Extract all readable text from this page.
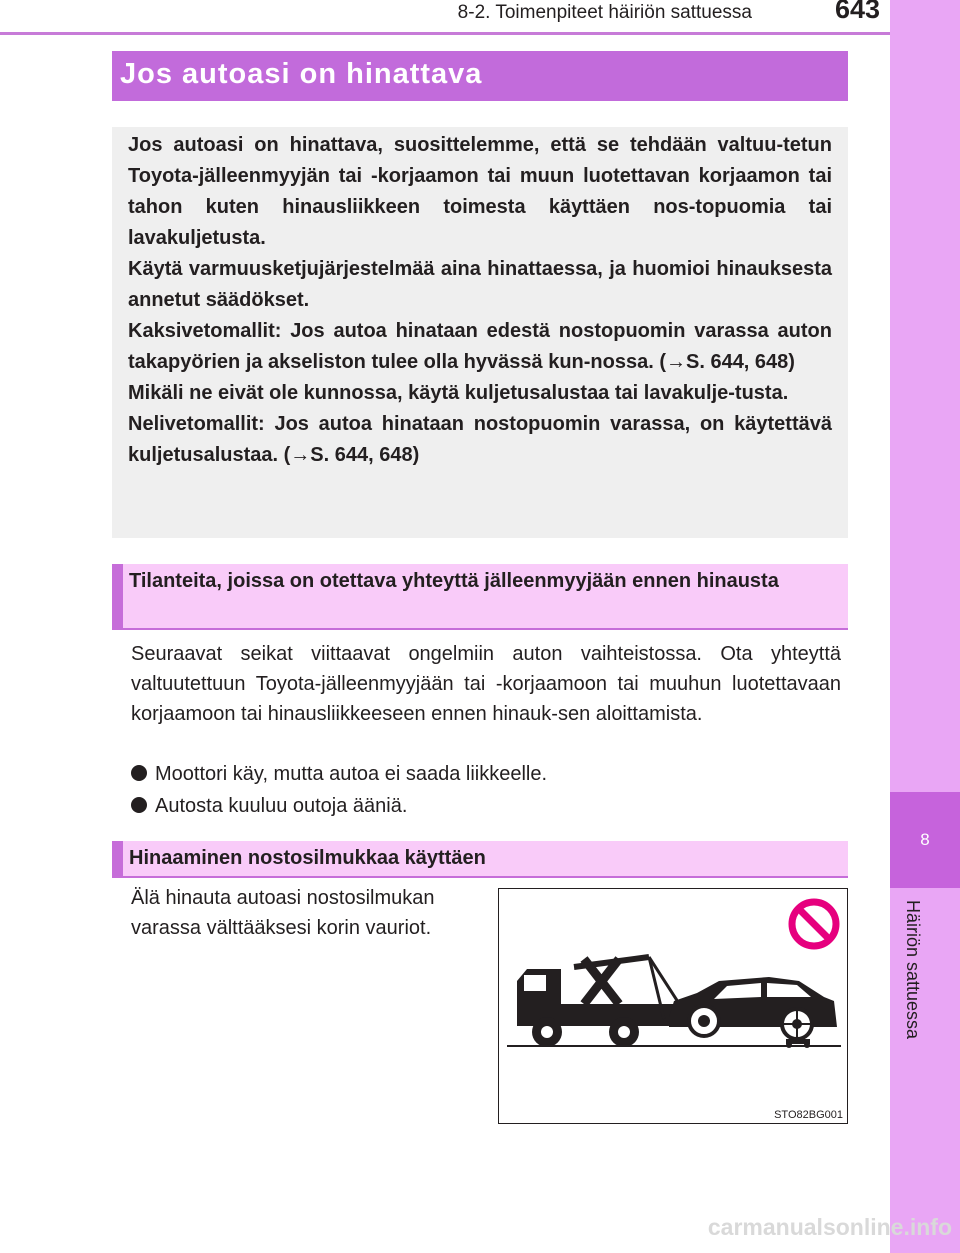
8-2. Toimenpiteet häiriön sattuessa	643
8
Häiriön sattuessa
Jos autoasi on hinattava

Jos autoasi on hinattava, suosittelemme, että se tehdään valtuu-tetun Toyota-jälleenmyyjän tai -korjaamon tai muun luotettavan korjaamon tai tahon kuten hinausliikkeen toimesta käyttäen nos-topuomia tai lavakuljetusta.

Käytä varmuusketjujärjestelmää aina hinattaessa, ja huomioi hinauksesta annetut säädökset.

Kaksivetomallit: Jos autoa hinataan edestä nostopuomin varassa auton takapyörien ja akseliston tulee olla hyvässä kun-nossa. (→S. 644, 648)

Mikäli ne eivät ole kunnossa, käytä kuljetusalustaa tai lavakulje-tusta.

Nelivetomallit: Jos autoa hinataan nostopuomin varassa, on käytettävä kuljetusalustaa. (→S. 644, 648)

Tilanteita, joissa on otettava yhteyttä jälleenmyyjään ennen hinausta
Seuraavat seikat viittaavat ongelmiin auton vaihteistossa. Ota yhteyttä valtuutettuun Toyota-jälleenmyyjään tai -korjaamoon tai muuhun luotettavaan korjaamoon tai hinausliikkeeseen ennen hinauk-sen aloittamista.
Moottori käy, mutta autoa ei saada liikkeelle.
Autosta kuuluu outoja ääniä.
Hinaaminen nostosilmukkaa käyttäen
Älä hinauta autoasi nostosilmukan varassa välttääksesi korin vauriot.
STO82BG001
carmanualsonline.info
